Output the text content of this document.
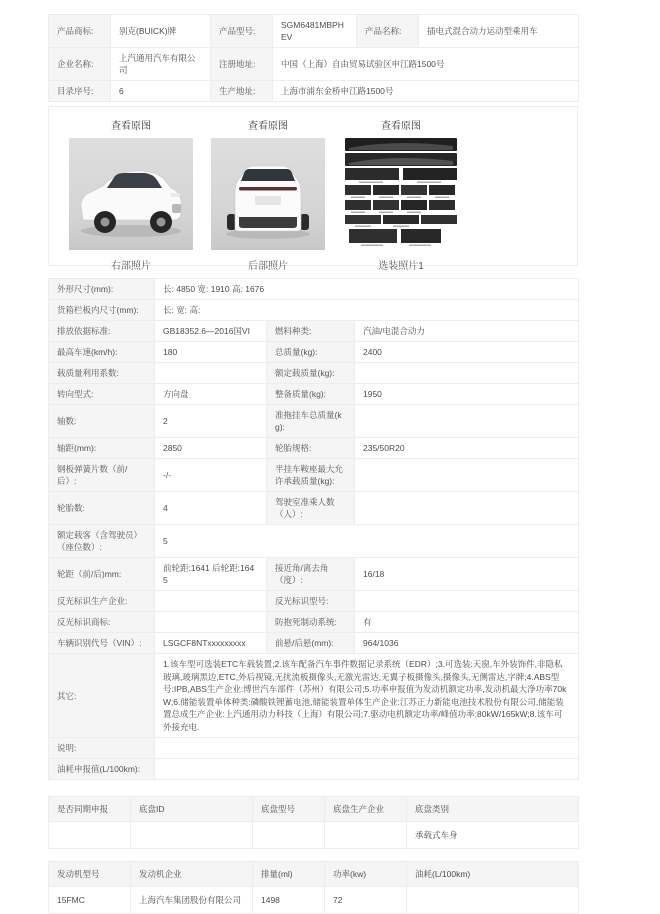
产品商标:	别克(BUICK)牌	产品型号:	SGM6481MBPHEV	产品名称:	插电式混合动力运动型乘用车
企业名称:	上汽通用汽车有限公司	注册地址:	中国（上海）自由贸易试验区申江路1500号		
目录序号:	6	生产地址:	上海市浦东金桥申江路1500号		
查看原图
右部照片
查看原图
后部照片
查看原图
选装照片1
外形尺寸(mm):	长: 4850 宽: 1910 高: 1676		
货箱栏板内尺寸(mm):	长: 宽: 高:		
排放依据标准:	GB18352.6—2016国VI	燃料种类:	汽油/电混合动力
最高车速(km/h):	180	总质量(kg):	2400
载质量利用系数:		额定载质量(kg):	
转向型式:	方向盘	整备质量(kg):	1950
轴数:	2	准拖挂车总质量(kg):	
轴距(mm):	2850	轮胎规格:	235/50R20
钢板弹簧片数（前/后）:	-/-	半挂车鞍座最大允许承载质量(kg):	
轮胎数:	4	驾驶室准乘人数（人）:	
额定载客（含驾驶员）（座位数）:	5		
轮距（前/后)mm:	前轮距:1641 后轮距:1645	接近角/离去角（度）:	16/18
反光标识生产企业:		反光标识型号:	
反光标识商标:		防抱死制动系统:	有
车辆识别代号（VIN）:	LSGCF8NTxxxxxxxxx	前悬/后悬(mm):	964/1036
其它:	1.该车型可选装ETC车载装置;2.该车配备汽车事件数据记录系统（EDR）;3.可选装:天窗,车外装饰件,非隐私玻璃,玻璃黑边,ETC,外后视镜,无扰流板摄像头,无激光雷达,无翼子板摄像头,摄像头,无侧雷达,字牌;4.ABS型号:IPB,ABS生产企业:博世汽车部件（苏州）有限公司;5.功率申报值为发动机额定功率,发动机最大净功率70kW;6.储能装置单体种类:磷酸铁锂蓄电池,储能装置单体生产企业:江苏正力新能电池技术股份有限公司,储能装置总成生产企业:上汽通用动力科技（上海）有限公司;7.驱动电机额定功率/峰值功率:80kW/165kW;8.该车可外接充电.		
说明:			
油耗申报值(L/100km):			
是否同期申报	底盘ID	底盘型号	底盘生产企业	底盘类别
				承载式车身
发动机型号	发动机企业	排量(ml)	功率(kw)	油耗(L/100km)
15FMC	上海汽车集团股份有限公司	1498	72	
